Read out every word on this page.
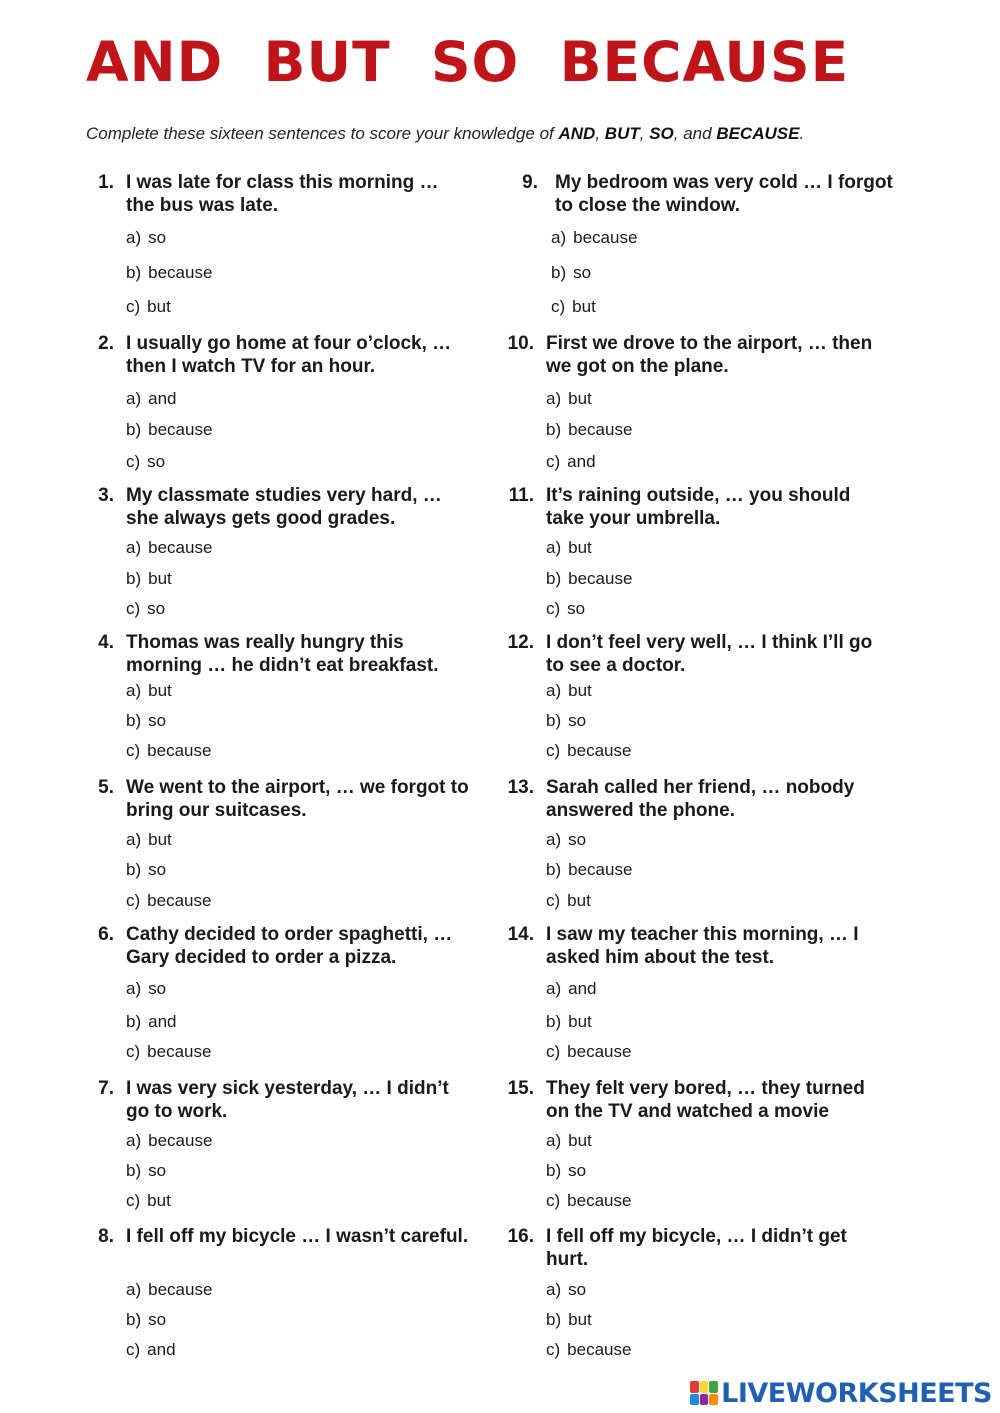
AND  BUT  SO  BECAUSE
Complete these sixteen sentences to score your knowledge of AND, BUT, SO, and BECAUSE.
1. I was late for class this morning … the bus was late.

a) so
b) because
c) but
2. I usually go home at four o’clock, … then I watch TV for an hour.

a) and
b) because
c) so
3. My classmate studies very hard, … she always gets good grades.

a) because
b) but
c) so
4. Thomas was really hungry this morning … he didn’t eat breakfast.

a) but
b) so
c) because
5. We went to the airport, … we forgot to bring our suitcases.

a) but
b) so
c) because
6. Cathy decided to order spaghetti, … Gary decided to order a pizza.

a) so
b) and
c) because
7. I was very sick yesterday, … I didn’t go to work.

a) because
b) so
c) but
8. I fell off my bicycle … I wasn’t careful.

a) because
b) so
c) and
9. My bedroom was very cold … I forgot to close the window.

a) because
b) so
c) but
10. First we drove to the airport, … then we got on the plane.

a) but
b) because
c) and
11. It’s raining outside, … you should take your umbrella.

a) but
b) because
c) so
12. I don’t feel very well, … I think I’ll go to see a doctor.

a) but
b) so
c) because
13. Sarah called her friend, … nobody answered the phone.

a) so
b) because
c) but
14. I saw my teacher this morning, … I asked him about the test.

a) and
b) but
c) because
15. They felt very bored, … they turned on the TV and watched a movie

a) but
b) so
c) because
16. I fell off my bicycle, … I didn’t get hurt.

a) so
b) but
c) because
LIVEWORKSHEETS
